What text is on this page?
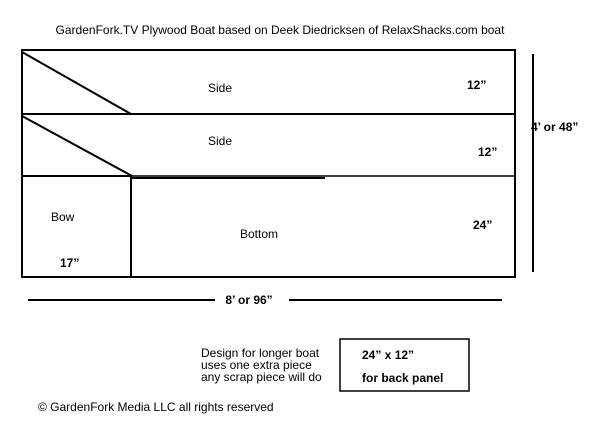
GardenFork.TV Plywood Boat based on Deek Diedricksen of RelaxShacks.com boat
Side	12”
Side
12”
Bow
17”
Bottom
24”
4’ or 48”
8’ or 96”
Design for longer boat
uses one extra piece
any scrap piece will do
24” x 12”
for back panel
© GardenFork Media LLC all rights reserved
